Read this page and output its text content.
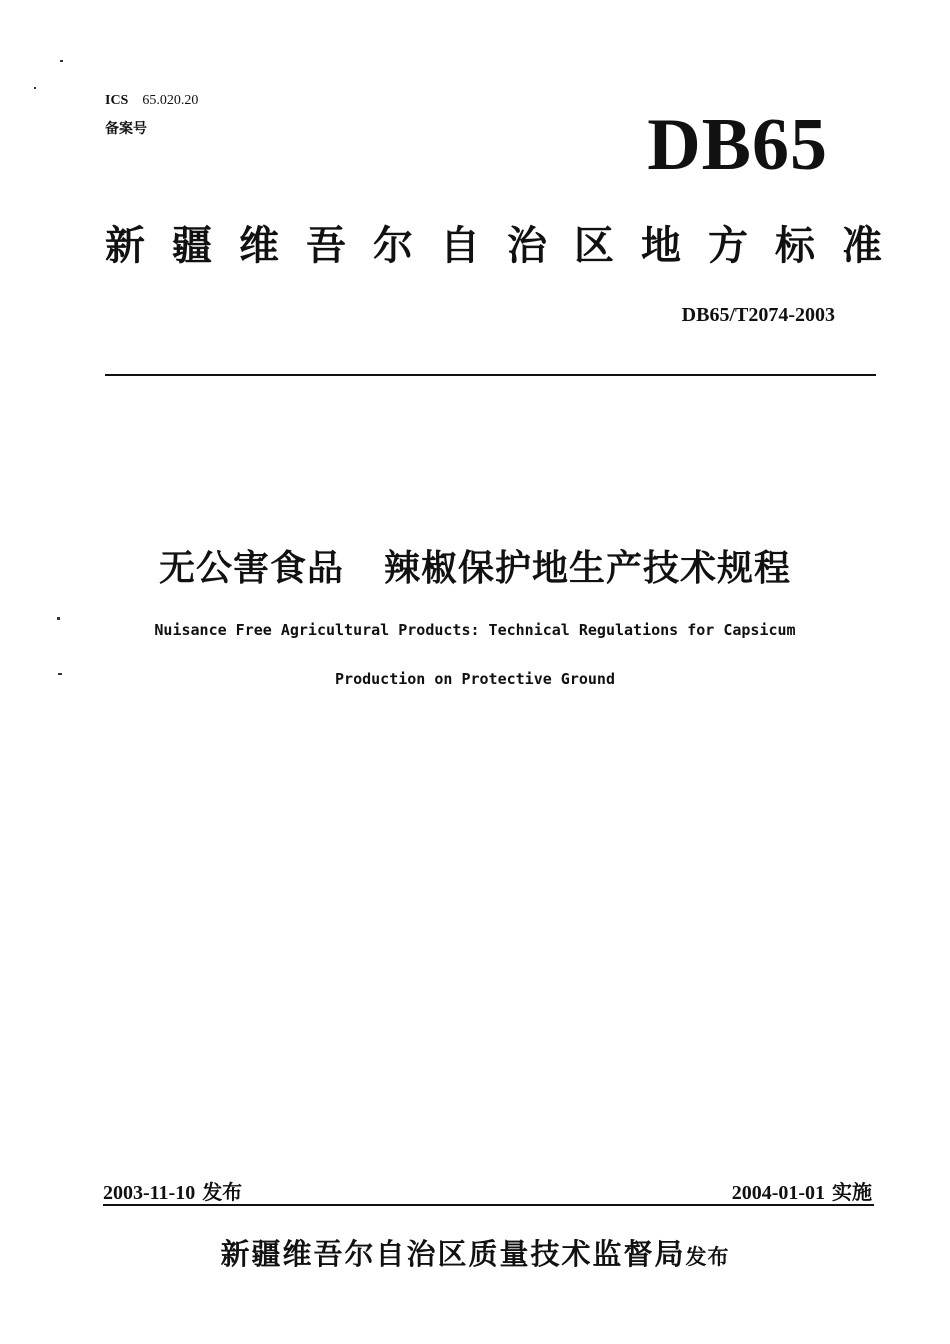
ICS 65.020.20
备案号	DB65
新疆维吾尔自治区地方标准
DB65/T2074-2003
无公害食品 辣椒保护地生产技术规程
Nuisance Free Agricultural Products: Technical Regulations for Capsicum
Production on Protective Ground
2003-11-10 发布	2004-01-01 实施
新疆维吾尔自治区质量技术监督局发布
